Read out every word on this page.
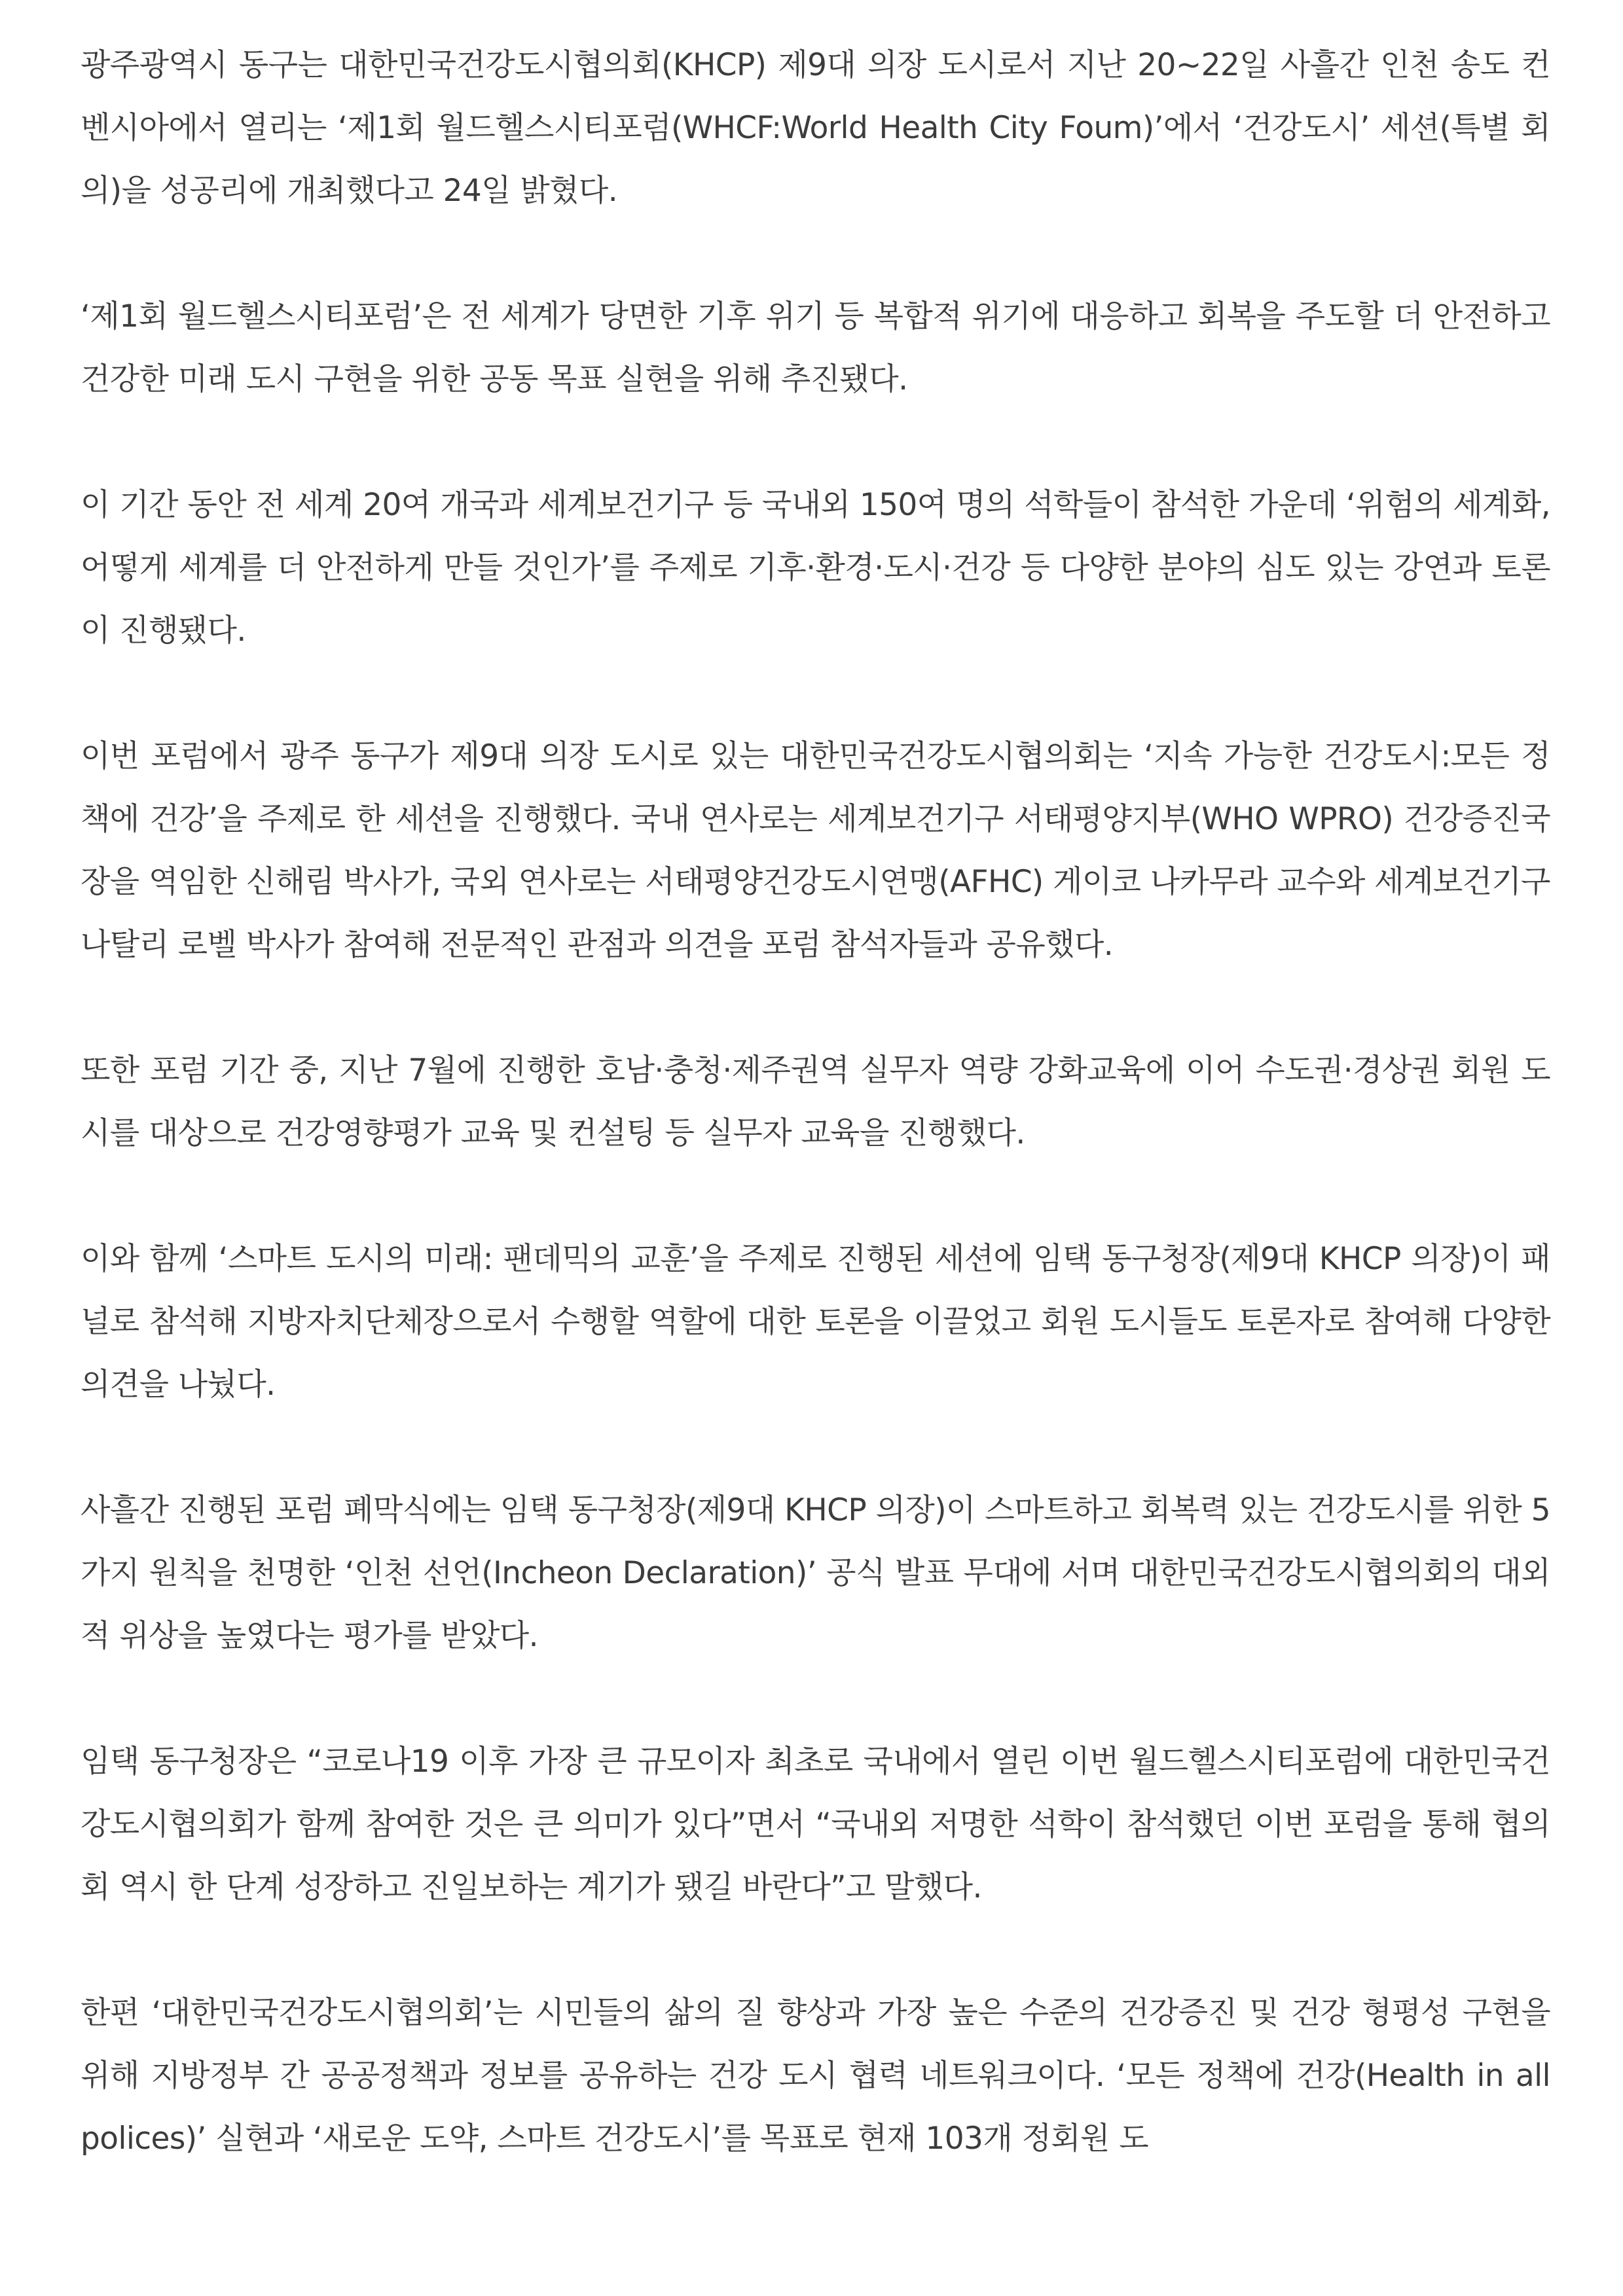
광주광역시 동구는 대한민국건강도시협의회(KHCP) 제9대 의장 도시로서 지난 20~22일 사흘간 인천 송도 컨벤시아에서 열리는 ‘제1회 월드헬스시티포럼(WHCF:World Health City Foum)’에서 ‘건강도시’ 세션(특별 회의)을 성공리에 개최했다고 24일 밝혔다.

‘제1회 월드헬스시티포럼’은 전 세계가 당면한 기후 위기 등 복합적 위기에 대응하고 회복을 주도할 더 안전하고 건강한 미래 도시 구현을 위한 공동 목표 실현을 위해 추진됐다.

이 기간 동안 전 세계 20여 개국과 세계보건기구 등 국내외 150여 명의 석학들이 참석한 가운데 ‘위험의 세계화, 어떻게 세계를 더 안전하게 만들 것인가’를 주제로 기후·환경·도시·건강 등 다양한 분야의 심도 있는 강연과 토론이 진행됐다.

이번 포럼에서 광주 동구가 제9대 의장 도시로 있는 대한민국건강도시협의회는 ‘지속 가능한 건강도시:모든 정책에 건강’을 주제로 한 세션을 진행했다. 국내 연사로는 세계보건기구 서태평양지부(WHO WPRO) 건강증진국장을 역임한 신해림 박사가, 국외 연사로는 서태평양건강도시연맹(AFHC) 게이코 나카무라 교수와 세계보건기구 나탈리 로벨 박사가 참여해 전문적인 관점과 의견을 포럼 참석자들과 공유했다.

또한 포럼 기간 중, 지난 7월에 진행한 호남·충청·제주권역 실무자 역량 강화교육에 이어 수도권·경상권 회원 도시를 대상으로 건강영향평가 교육 및 컨설팅 등 실무자 교육을 진행했다.

이와 함께 ‘스마트 도시의 미래: 팬데믹의 교훈’을 주제로 진행된 세션에 임택 동구청장(제9대 KHCP 의장)이 패널로 참석해 지방자치단체장으로서 수행할 역할에 대한 토론을 이끌었고 회원 도시들도 토론자로 참여해 다양한 의견을 나눴다.

사흘간 진행된 포럼 폐막식에는 임택 동구청장(제9대 KHCP 의장)이 스마트하고 회복력 있는 건강도시를 위한 5가지 원칙을 천명한 ‘인천 선언(Incheon Declaration)’ 공식 발표 무대에 서며 대한민국건강도시협의회의 대외적 위상을 높였다는 평가를 받았다.

임택 동구청장은 “코로나19 이후 가장 큰 규모이자 최초로 국내에서 열린 이번 월드헬스시티포럼에 대한민국건강도시협의회가 함께 참여한 것은 큰 의미가 있다”면서 “국내외 저명한 석학이 참석했던 이번 포럼을 통해 협의회 역시 한 단계 성장하고 진일보하는 계기가 됐길 바란다”고 말했다.

한편 ‘대한민국건강도시협의회’는 시민들의 삶의 질 향상과 가장 높은 수준의 건강증진 및 건강 형평성 구현을 위해 지방정부 간 공공정책과 정보를 공유하는 건강 도시 협력 네트워크이다. ‘모든 정책에 건강(Health in all polices)’ 실현과 ‘새로운 도약, 스마트 건강도시’를 목표로 현재 103개 정회원 도
